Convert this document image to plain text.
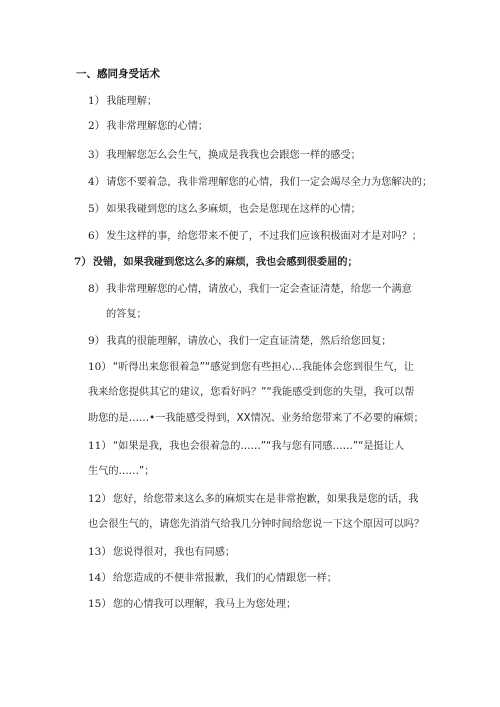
一、感同身受话术
1）我能理解；
2）我非常理解您的心情；
3）我理解您怎么会生气，换成是我我也会跟您一样的感受；
4）请您不要着急，我非常理解您的心情，我们一定会竭尽全力为您解决的；
5）如果我碰到您的这么多麻烦，也会是您现在这样的心情；
6）发生这样的事，给您带来不便了，不过我们应该积极面对才是对吗？；
7）没错，如果我碰到您这么多的麻烦，我也会感到很委屈的；
8）我非常理解您的心情，请放心，我们一定会查证清楚，给您一个满意
的答复；
9）我真的很能理解，请放心，我们一定直证清楚，然后给您回复；
10）“听得出来您很着急”“感觉到您有些担心…我能体会您到很生气，让
我来给您提供其它的建议，您看好吗？”“我能感受到您的失望，我可以帮
助您的是……•一我能感受得到，XX情况、业务给您带来了不必要的麻烦；
11）“如果是我，我也会很着急的……”“我与您有同感……”“是挺让人
生气的……”；
12）您好，给您带来这么多的麻烦实在是非常抱歉，如果我是您的话，我
也会很生气的，请您先消消气给我几分钟时间给您说一下这个原因可以吗？
13）您说得很对，我也有同感；
14）给您造成的不便非常报歉，我们的心情跟您一样；
15）您的心情我可以理解，我马上为您处理；
